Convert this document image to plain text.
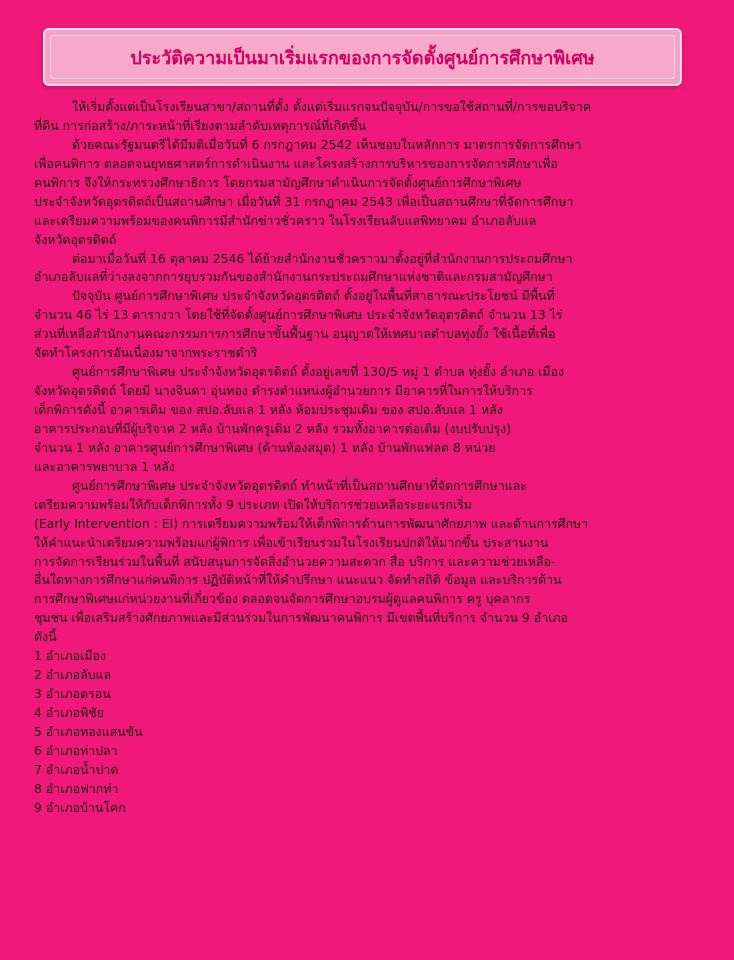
ประวัติความเป็นมาเริ่มแรกของการจัดตั้งศูนย์การศึกษาพิเศษ
ให้เริ่มตั้งแต่เป็นโรงเรียนสาขา/สถานที่ตั้ง ตั้งแต่เริ่มแรกจนปัจจุบัน/การขอใช้สถานที่/การขอบริจาค
ที่ดิน การก่อสร้าง/ภาระหน้าที่เรียงตามลำดับเหตุการณ์ที่เกิดขึ้น
ด้วยคณะรัฐมนตรีได้มีมติเมื่อวันที่ 6 กรกฎาคม 2542 เห็นชอบในหลักการ มาตรการจัดการศึกษา
เพื่อคนพิการ ตลอดจนยุทธศาสตร์การดำเนินงาน และโครงสร้างการบริหารของการจัดการศึกษาเพื่อ
คนพิการ จึงให้กระทรวงศึกษาธิการ โดยกรมสามัญศึกษาดำเนินการจัดตั้งศูนย์การศึกษาพิเศษ
ประจำจังหวัดอุตรดิตถ์เป็นสถานศึกษา เมื่อวันที่ 31 กรกฎาคม 2543 เพื่อเป็นสถานศึกษาที่จัดการศึกษา
และเตรียมความพร้อมของคนพิการมีสำนักข่าวชั่วคราว ในโรงเรียนลับแลพิทยาคม อำเภอลับแล
จังหวัดอุตรดิตถ์
ต่อมาเมื่อวันที่ 16 ตุลาคม 2546 ได้ย้ายสำนักงานชั่วคราวมาตั้งอยู่ที่สำนักงานการประถมศึกษา
อำเภอลับแลที่ว่างลงจากการยุบรวมกันของสำนักงานกระประถมศึกษาแห่งชาติและกรมสามัญศึกษา
ปัจจุบัน ศูนย์การศึกษาพิเศษ ประจำจังหวัดอุตรดิตถ์ ตั้งอยู่ในพื้นที่สาธารณะประโยชน์ มีพื้นที่
จำนวน 46 ไร่ 13 ตารางวา โดยใช้ที่จัดตั้งศูนย์การศึกษาพิเศษ ประจำจังหวัดอุตรดิตถ์ จำนวน 13 ไร่
ส่วนที่เหลือสำนักงานคณะกรรมการการศึกษาขั้นพื้นฐาน อนุญาตให้เทศบาลตำบลทุ่งยั้ง ใช้เนื้อที่เพื่อ
จัดทำโครงการอันเนื่องมาจากพระราชดำริ
ศูนย์การศึกษาพิเศษ ประจำจังหวัดอุตรดิตถ์ ตั้งอยู่เลขที่ 130/5 หมู่ 1 ตำบล ทุ่งยั้ง อำเภอ เมือง
จังหวัดอุตรดิตถ์ โดยมี นางจินดา อุ่นทอง ดำรงตำแหน่งผู้อำนวยการ มีอาคารที่ในการให้บริการ
เด็กพิการดังนี้ อาคารเดิม ของ สปอ.ลับแล 1 หลัง ห้อมประชุมเดิม ของ สปอ.ลับแล 1 หลัง
อาคารประกอบที่มีผู้บริจาค 2 หลัง บ้านพักครูเดิม 2 หลัง รวมทั้งอาคารต่อเติม (งบปรับปรุง)
จำนวน 1 หลัง อาคารศูนย์การศึกษาพิเศษ (ด้านห้องสมุด) 1 หลัง บ้านพักแฟลต 8 หน่วย
และอาคารพยาบาล 1 หลัง
ศูนย์การศึกษาพิเศษ ประจำจังหวัดอุตรดิตถ์ ทำหน้าที่เป็นสถานศึกษาที่จัดการศึกษาและ
เตรียมความพร้อมให้กับเด็กพิการทั้ง 9 ประเภท เปิดให้บริการช่วยเหลือระยะแรกเริ่ม
(Early Intervention : EI) การเตรียมความพร้อมให้เด็กพิการด้านการพัฒนาศักยภาพ และด้านการศึกษา
ให้คำแนะนำเตรียมความพร้อมแก่ผู้พิการ เพื่อเข้าเรียนร่วมในโรงเรียนปกติให้มากขึ้น ประสานงาน
การจัดการเรียนร่วมในพื้นที่ สนับสนุนการจัดสิ่งอำนวยความสะดวก สื่อ บริการ และความช่วยเหลือ-
อื่นใดทางการศึกษาแก่คนพิการ ปฏิบัติหน้าที่ให้คำปรึกษา แนะแนว จัดทำสถิติ ข้อมูล และบริการด้าน
การศึกษาพิเศษแก่หน่วยงานที่เกี่ยวข้อง ตลอดจนจัดการศึกษาอบรมผู้ดูแลคนพิการ ครู บุคลากร
ชุมชน เพื่อเสริมสร้างศักยภาพและมีส่วนร่วมในการพัฒนาคนพิการ มีเขตพื้นที่บริการ จำนวน 9 อำเภอ
ดังนี้
1 อำเภอเมือง
2 อำเภอลับแล
3 อำเภอตรอน
4 อำเภอพิชัย
5 อำเภอทองแสนขัน
6 อำเภอท่าปลา
7 อำเภอน้ำปาด
8 อำเภอฟากท่า
9 อำเภอบ้านโคก
